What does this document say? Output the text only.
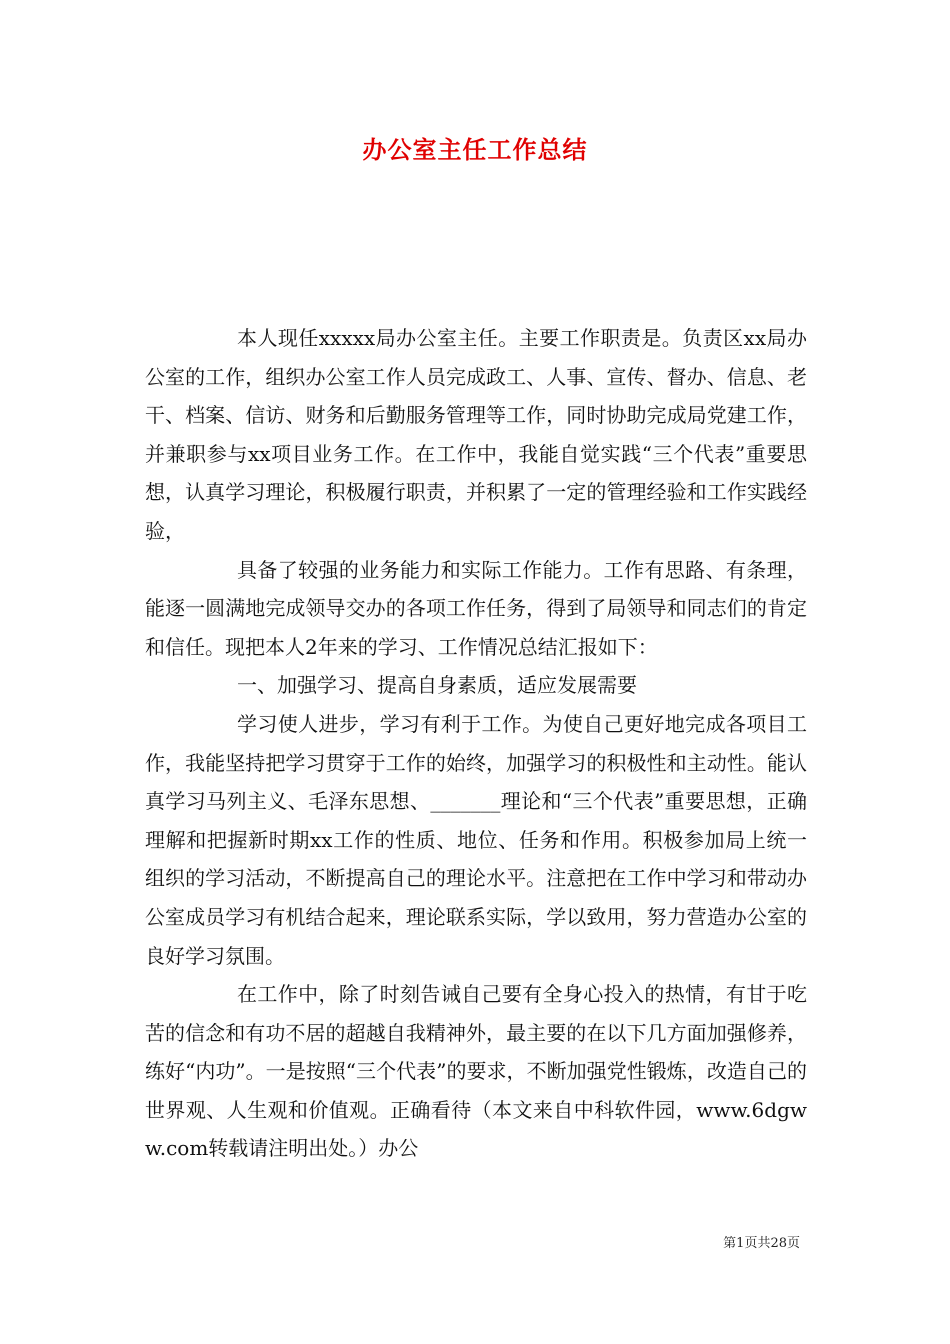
办公室主任工作总结

本人现任xxxxx局办公室主任。主要工作职责是。负责区xx局办公室的工作，组织办公室工作人员完成政工、人事、宣传、督办、信息、老干、档案、信访、财务和后勤服务管理等工作，同时协助完成局党建工作，并兼职参与xx项目业务工作。在工作中，我能自觉实践“三个代表”重要思想，认真学习理论，积极履行职责，并积累了一定的管理经验和工作实践经验，

具备了较强的业务能力和实际工作能力。工作有思路、有条理，能逐一圆满地完成领导交办的各项工作任务，得到了局领导和同志们的肯定和信任。现把本人2年来的学习、工作情况总结汇报如下：

一、加强学习、提高自身素质，适应发展需要

学习使人进步，学习有利于工作。为使自己更好地完成各项目工作，我能坚持把学习贯穿于工作的始终，加强学习的积极性和主动性。能认真学习马列主义、毛泽东思想、_______理论和“三个代表”重要思想，正确理解和把握新时期xx工作的性质、地位、任务和作用。积极参加局上统一组织的学习活动，不断提高自己的理论水平。注意把在工作中学习和带动办公室成员学习有机结合起来，理论联系实际，学以致用，努力营造办公室的良好学习氛围。

在工作中，除了时刻告诫自己要有全身心投入的热情，有甘于吃苦的信念和有功不居的超越自我精神外，最主要的在以下几方面加强修养，练好“内功”。一是按照“三个代表”的要求，不断加强党性锻炼，改造自己的世界观、人生观和价值观。正确看待（本文来自中科软件园，www.6dgww.com转载请注明出处。）办公

第1页共28页
